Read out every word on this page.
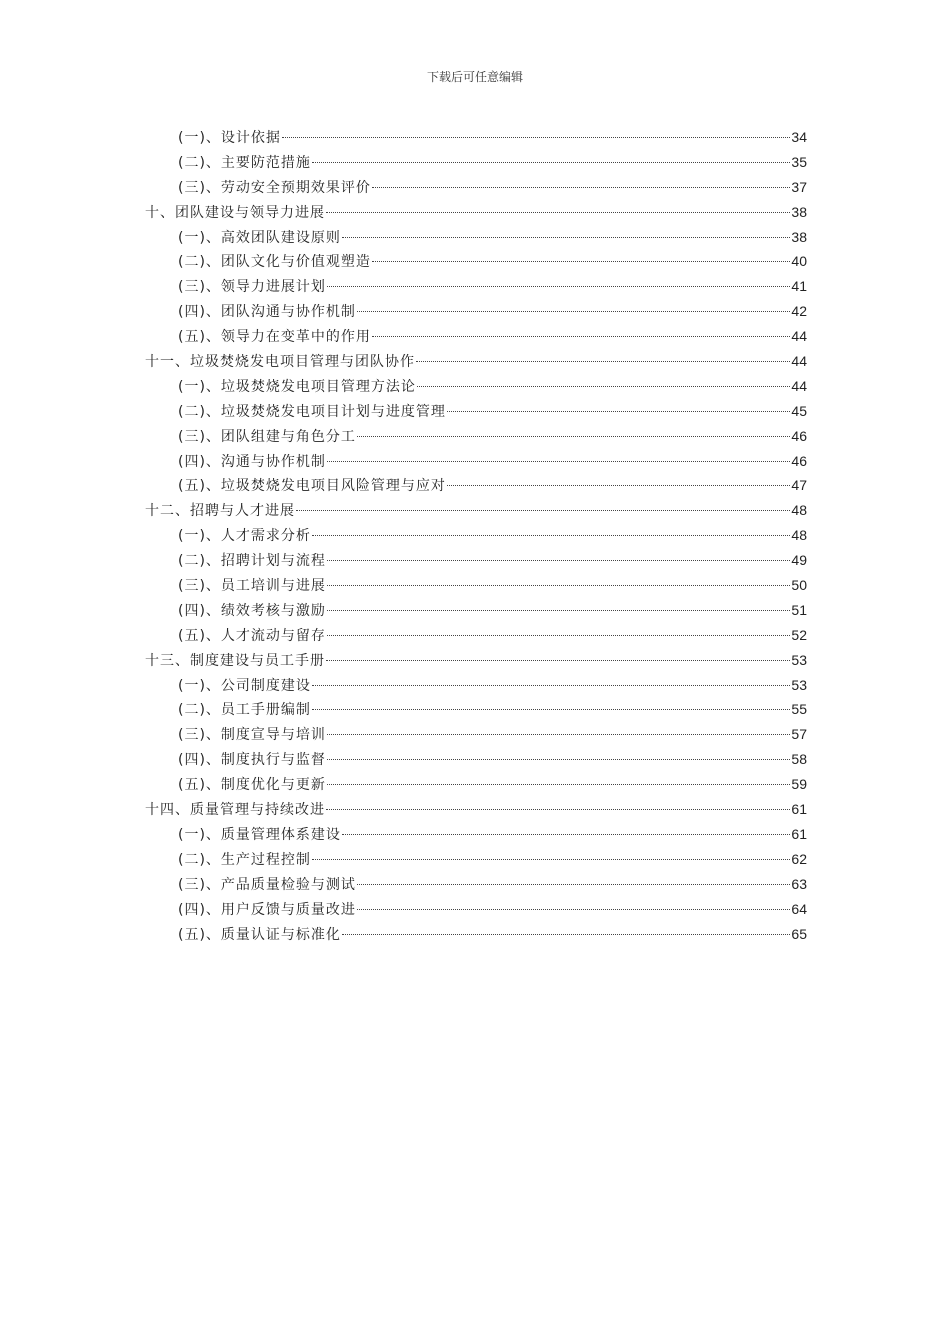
下载后可任意编辑
(一)、设计依据	34
(二)、主要防范措施	35
(三)、劳动安全预期效果评价	37
十、团队建设与领导力进展	38
(一)、高效团队建设原则	38
(二)、团队文化与价值观塑造	40
(三)、领导力进展计划	41
(四)、团队沟通与协作机制	42
(五)、领导力在变革中的作用	44
十一、垃圾焚烧发电项目管理与团队协作	44
(一)、垃圾焚烧发电项目管理方法论	44
(二)、垃圾焚烧发电项目计划与进度管理	45
(三)、团队组建与角色分工	46
(四)、沟通与协作机制	46
(五)、垃圾焚烧发电项目风险管理与应对	47
十二、招聘与人才进展	48
(一)、人才需求分析	48
(二)、招聘计划与流程	49
(三)、员工培训与进展	50
(四)、绩效考核与激励	51
(五)、人才流动与留存	52
十三、制度建设与员工手册	53
(一)、公司制度建设	53
(二)、员工手册编制	55
(三)、制度宣导与培训	57
(四)、制度执行与监督	58
(五)、制度优化与更新	59
十四、质量管理与持续改进	61
(一)、质量管理体系建设	61
(二)、生产过程控制	62
(三)、产品质量检验与测试	63
(四)、用户反馈与质量改进	64
(五)、质量认证与标准化	65
